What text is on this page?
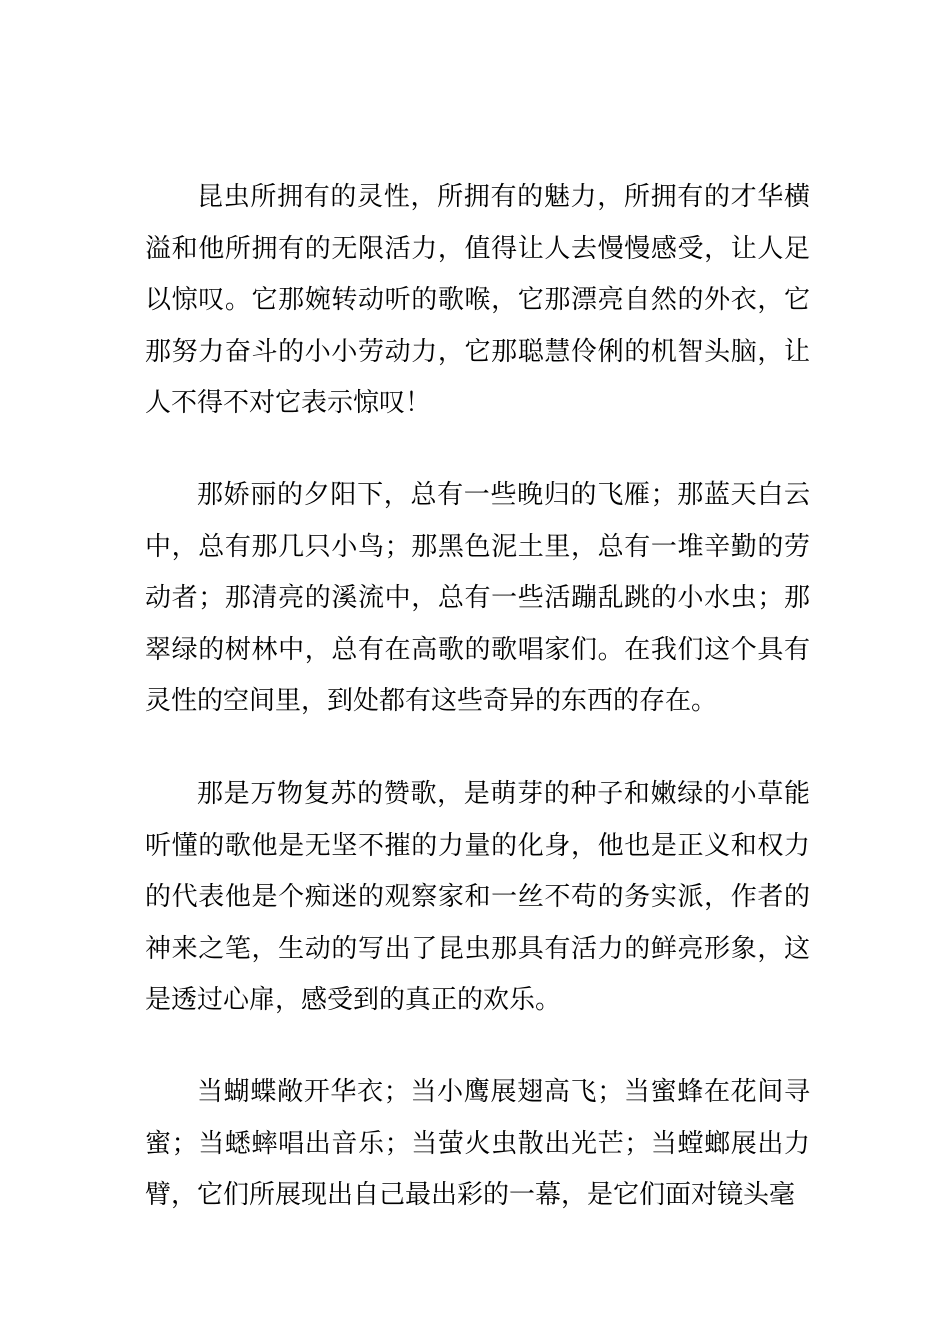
昆虫所拥有的灵性，所拥有的魅力，所拥有的才华横溢和他所拥有的无限活力，值得让人去慢慢感受，让人足以惊叹。它那婉转动听的歌喉，它那漂亮自然的外衣，它那努力奋斗的小小劳动力，它那聪慧伶俐的机智头脑，让人不得不对它表示惊叹！

那娇丽的夕阳下，总有一些晚归的飞雁；那蓝天白云中，总有那几只小鸟；那黑色泥土里，总有一堆辛勤的劳动者；那清亮的溪流中，总有一些活蹦乱跳的小水虫；那翠绿的树林中，总有在高歌的歌唱家们。在我们这个具有灵性的空间里，到处都有这些奇异的东西的存在。

那是万物复苏的赞歌，是萌芽的种子和嫩绿的小草能听懂的歌他是无坚不摧的力量的化身，他也是正义和权力的代表他是个痴迷的观察家和一丝不苟的务实派，作者的神来之笔，生动的写出了昆虫那具有活力的鲜亮形象，这是透过心扉，感受到的真正的欢乐。

当蝴蝶敞开华衣；当小鹰展翅高飞；当蜜蜂在花间寻蜜；当蟋蟀唱出音乐；当萤火虫散出光芒；当螳螂展出力臂，它们所展现出自己最出彩的一幕，是它们面对镜头毫
